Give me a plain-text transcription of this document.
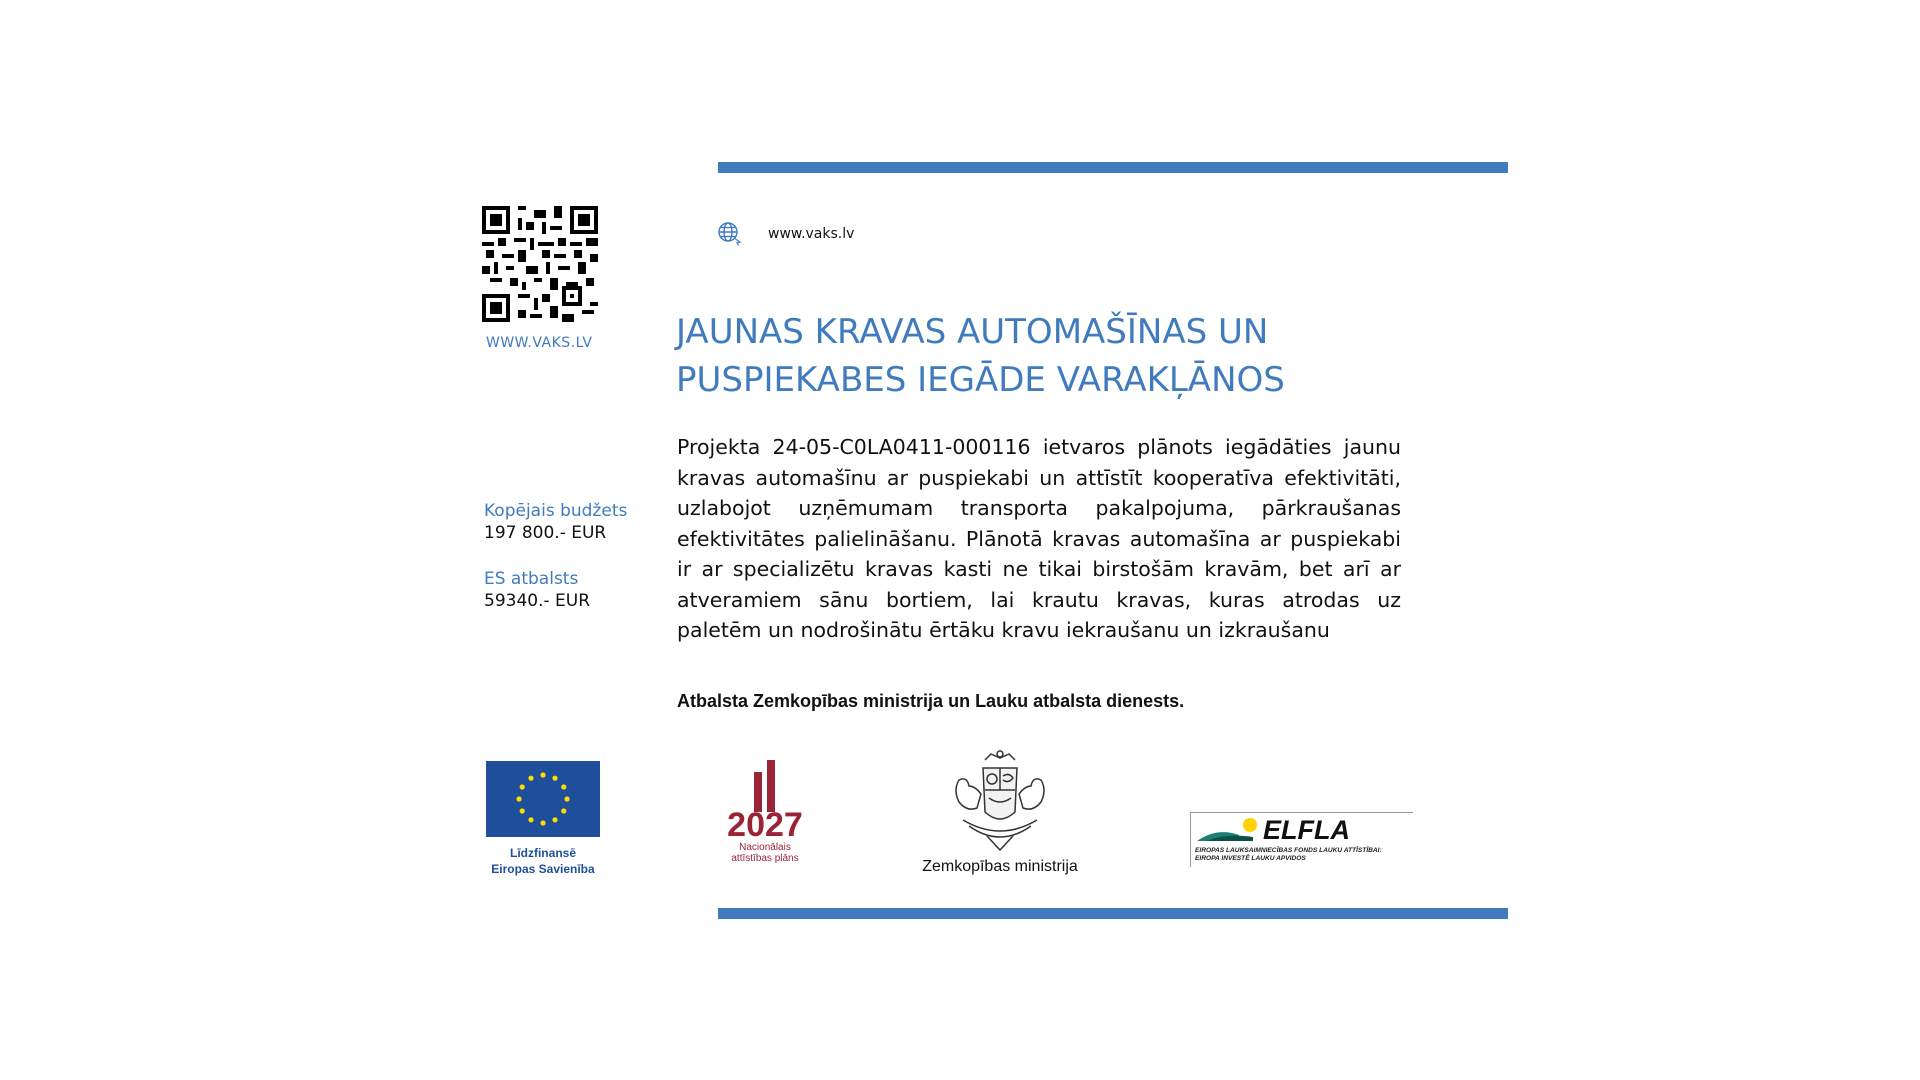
WWW.VAKS.LV
www.vaks.lv
JAUNAS KRAVAS AUTOMAŠĪNAS UN
PUSPIEKABES IEGĀDE VARAKĻĀNOS

Projekta 24-05-C0LA0411-000116 ietvaros plānots iegādāties jaunu kravas automašīnu ar puspiekabi un attīstīt kooperatīva efektivitāti, uzlabojot uzņēmumam transporta pakalpojuma, pārkraušanas efektivitātes palielināšanu. Plānotā kravas automašīna ar puspiekabi ir ar specializētu kravas kasti ne tikai birstošām kravām, bet arī ar atveramiem sānu bortiem, lai krautu kravas, kuras atrodas uz paletēm un nodrošinātu ērtāku kravu iekraušanu un izkraušanu

Kopējais budžets
197 800.- EUR
ES atbalsts
59340.- EUR
Atbalsta Zemkopības ministrija un Lauku atbalsta dienests.
Līdzfinansē
Eiropas Savienība
2027
Nacionālais
attīstības plāns	Zemkopības ministrija
ELFLA
EIROPAS LAUKSAIMNIECĪBAS FONDS LAUKU ATTĪSTĪBAI:
EIROPA INVESTĒ LAUKU APVIDOS
